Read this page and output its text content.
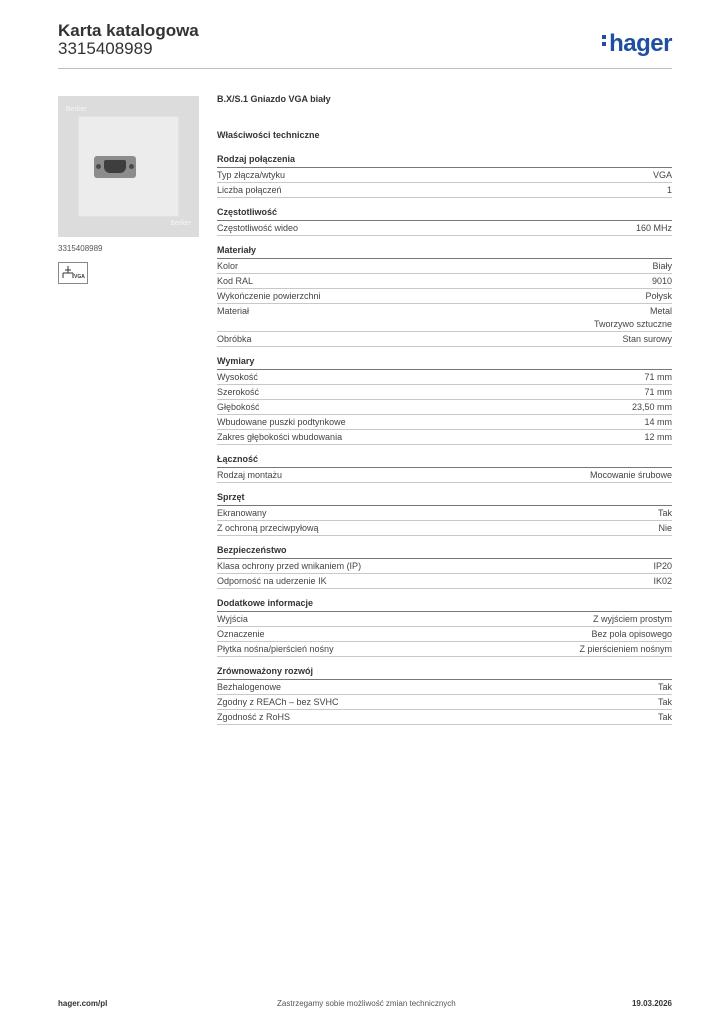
Karta katalogowa
3315408989	hager
Berker
Berker
3315408989
VGA
B.X/S.1 Gniazdo VGA biały
Właściwości techniczne
Rodzaj połączenia
Typ złącza/wtyku	VGA
Liczba połączeń	1
Częstotliwość
Częstotliwość wideo	160 MHz
Materiały
Kolor	Biały
Kod RAL	9010
Wykończenie powierzchni	Połysk
Materiał	Metal
Tworzywo sztuczne
Obróbka	Stan surowy
Wymiary
Wysokość	71 mm
Szerokość	71 mm
Głębokość	23,50 mm
Wbudowane puszki podtynkowe	14 mm
Zakres głębokości wbudowania	12 mm
Łączność
Rodzaj montażu	Mocowanie śrubowe
Sprzęt
Ekranowany	Tak
Z ochroną przeciwpyłową	Nie
Bezpieczeństwo
Klasa ochrony przed wnikaniem (IP)	IP20
Odporność na uderzenie IK	IK02
Dodatkowe informacje
Wyjścia	Z wyjściem prostym
Oznaczenie	Bez pola opisowego
Płytka nośna/pierścień nośny	Z pierścieniem nośnym
Zrównoważony rozwój
Bezhalogenowe	Tak
Zgodny z REACh – bez SVHC	Tak
Zgodność z RoHS	Tak
hager.com/pl	Zastrzegamy sobie możliwość zmian technicznych	19.03.2026
